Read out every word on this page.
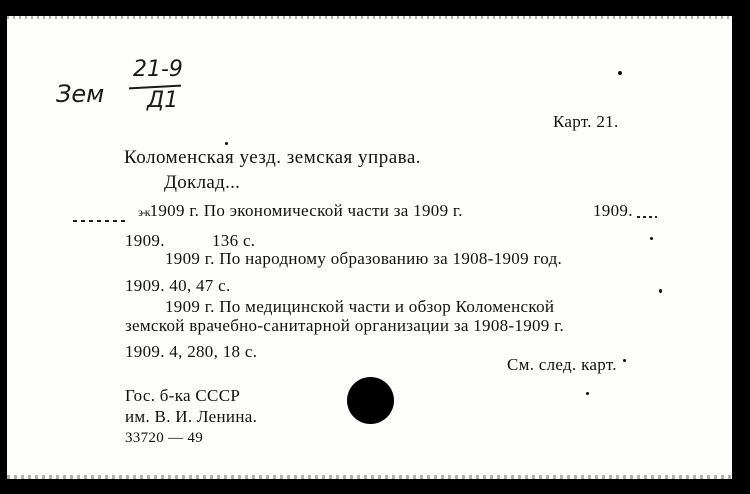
Зем
21-9
Д1
Карт. 21.
Коломенская уезд. земская управа.
Доклад...
з-к1909 г. По экономической части за 1909 г.	1909.
1909.	136 с.
1909 г. По народному образованию за 1908-1909 год.
1909. 40, 47 с.
1909 г. По медицинской части и обзор Коломенской
земской врачебно-санитарной организации за 1908-1909 г.
1909. 4, 280, 18 с.
См. след. карт.
Гос. б-ка СССР
им. В. И. Ленина.
33720 — 49
